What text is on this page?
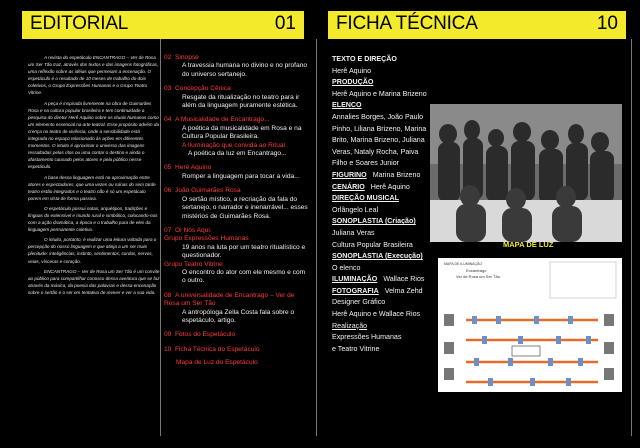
EDITORIAL	01

A revista do espetáculo ENCANTRAGO – Ver de Rosa um Ser Tão traz, através dos textos e das imagens fotográficas, uma reflexão sobre as idéias que permeiam a encenação. O espetáculo é o resultado de 10 meses de trabalho do dois coletivos, o Grupo Expressões Humanas e o Grupo Teatro Vitrine.

A peça é inspirada livremente na obra de Guimarães Rosa e na cultura popular brasileira e tem continuidade a pesquisa do diretor Herê Aquino sobre os rituais humanos como um elemento essencial na arte teatral. Esse propósito advém da crença no teatro de vivência, onde a sensibilidade está integrada no espaço relacionado às ações em diferentes momentos. O intuito é aproximar o universo das imagens ressaltadas pelas ritos ou uma contar o destino e ainda o afastamento causado pelos atores e pela público nesse espetáculo.

A base dessa linguagem está na aproximação entre atores e espectadores, que uma vezes ou ruínas do sem tarde teatro estão integrados e o teatro não é só um espetáculo porem em vista de forma passiva.

O espetáculo possui notas, arquétipos, tradições e línguas do extensível e mundo rural e simbólico, colocando-nos com a ação dramática, a época e o trabalho pura de eles da linguagem permanente coletiva.

O intuito, portanto, é realizar uma leitura voltada para o percepção do nosso linguagem e que atinja a um ser mais plenitude: inteligências, instinto, sentimentos, cordas, nervos, veias, vísceras e coração.

ENCANTRAGO – Ver de Rosa um Ser Tão é um convite ao público para compartilhar conosco dessa aventura que se faz através da música, da poesia das palavras e dessa encenação sobre o sertão e o ser em tentativa de reviver e ver a sua vida.

02 Sinopse
A travessia humana no divino e no profano do universo sertanejo.
03 Concepção Cênica
Resgate da ritualização no teatro para ir além da linguagem puramente estética.
04 A Musicalidade de Encantrago...
A poética da musicalidade em Rosa e na Cultura Popular Brasileira.
A Iluminação que convida ao Ritual
A poética da luz em Encantrago...
05 Herê Aquino
Romper a linguagem para tocar a vida...
06 João Guimarães Rosa
O sertão místico, a recriação da fala do sertanejo, o narrador e inenarrável... esses mistérios de Guimarães Rosa.
07 Oi Nós Aqui.
Grupo Expressões Humanas
19 anos na luta por um teatro ritualístico e questionador.
Grupo Teatro Vitrine
O encontro do ator com ele mesmo e com o outro.
08 A universalidade de Encantrago – Ver de Rosa um Ser Tão
A antropóloga Zella Costa fala sobre o espetáculo, artigo.
09 Fotos do Espetáculo
10 Ficha Técnica do Espetáculo
Mapa de Luz do Espetáculo
FICHA TÉCNICA	10
TEXTO E DIREÇÃO
Herê Aquino
PRODUÇÃO
Herê Aquino e Marina Brizeno
ELENCO
Annalies Borges, João Paulo
Pinho, Liliana Brizeno, Marina
Brito, Marina Brizeno, Juliana
Veras, Nataly Rocha, Paiva
Filho e Soares Junior
FIGURINO Marina Brizeno
CENÁRIO Herê Aquino
DIREÇÃO MUSICAL
Orlângelo Leal
SONOPLASTIA (Criação)
Juliana Veras
Cultura Popular Brasileira
SONOPLASTIA (Execução)
O elenco
ILUMINAÇÃO Wallace Rios
FOTOGRAFIA Velma Zehd
Designer Gráfico
Herê Aquino e Wallace Rios
Realização
Expressões Humanas
e Teatro Vitrine
MAPA DE LUZ
MAPA DE ILUMINAÇÃO
Encantrago
Ver de Rosa um Ser Tão
